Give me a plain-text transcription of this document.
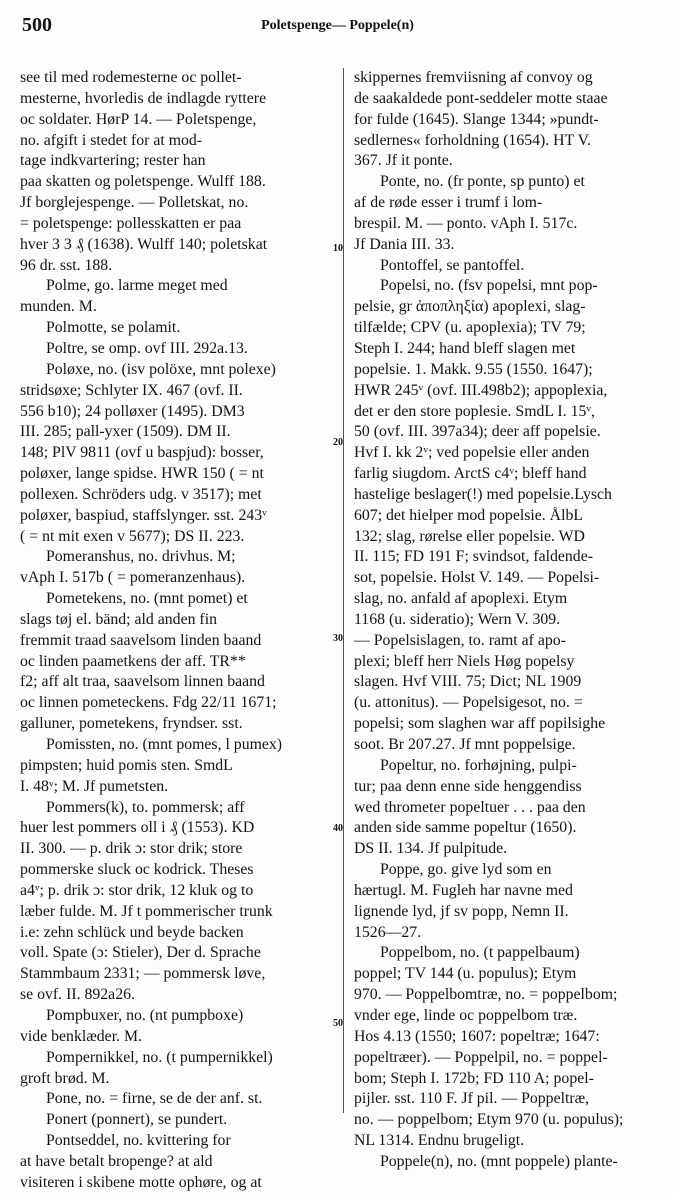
500	Poletspenge— Poppele(n)
see til med rodemesterne oc pollet-
mesterne, hvorledis de indlagde ryttere
oc soldater. HørP 14. — Poletspenge,
no. afgift i stedet for at mod-
tage indkvartering; rester han
paa skatten og poletspenge. Wulff 188.
Jf borglejespenge. — Polletskat, no.
= poletspenge: pollesskatten er paa
hver 3 3 ₰ (1638). Wulff 140; poletskat
96 dr. sst. 188.
Polme, go. larme meget med
munden. M.
Polmotte, se polamit.
Poltre, se omp. ovf III. 292a.13.
Poløxe, no. (isv polöxe, mnt polexe)
stridsøxe; Schlyter IX. 467 (ovf. II.
556 b10); 24 polløxer (1495). DM3
III. 285; pall-yxer (1509). DM II.
148; PlV 9811 (ovf u baspjud): bosser,
poløxer, lange spidse. HWR 150 ( = nt
pollexen. Schröders udg. v 3517); met
poløxer, baspiud, staffslynger. sst. 243ᵛ
( = nt mit exen v 5677); DS II. 223.
Pomeranshus, no. drivhus. M;
vAph I. 517b ( = pomeranzenhaus).
Pometekens, no. (mnt pomet) et
slags tøj el. bänd; ald anden fin
fremmit traad saavelsom linden baand
oc linden paametkens der aff. TR**
f2; aff alt traa, saavelsom linnen baand
oc linnen pometeckens. Fdg 22/11 1671;
galluner, pometekens, fryndser. sst.
Pomissten, no. (mnt pomes, l pumex)
pimpsten; huid pomis sten. SmdL
I. 48ᵛ; M. Jf pumetsten.
Pommers(k), to. pommersk; aff
huer lest pommers oll i ₰ (1553). KD
II. 300. — p. drik ɔ: stor drik; store
pommerske sluck oc kodrick. Theses
a4ᵛ; p. drik ɔ: stor drik, 12 kluk og to
læber fulde. M. Jf t pommerischer trunk
i.e: zehn schlück und beyde backen
voll. Spate (ɔ: Stieler), Der d. Sprache
Stammbaum 2331; — pommersk løve,
se ovf. II. 892a26.
Pompbuxer, no. (nt pumpboxe)
vide benklæder. M.
Pompernikkel, no. (t pumpernikkel)
groft brød. M.
Pone, no. = firne, se de der anf. st.
Ponert (ponnert), se pundert.
Pontseddel, no. kvittering for
at have betalt bropenge? at ald
visiteren i skibene motte ophøre, og at
skippernes fremviisning af convoy og
de saakaldede pont-seddeler motte staae
for fulde (1645). Slange 1344; »pundt-
sedlernes« forholdning (1654). HT V.
367. Jf it ponte.
Ponte, no. (fr ponte, sp punto) et
af de røde esser i trumf i lom-
brespil. M. — ponto. vAph I. 517c.
Jf Dania III. 33.
Pontoffel, se pantoffel.
Popelsi, no. (fsv popelsi, mnt pop-
pelsie, gr ἀποπληξία) apoplexi, slag-
tilfælde; CPV (u. apoplexia); TV 79;
Steph I. 244; hand bleff slagen met
popelsie. 1. Makk. 9.55 (1550. 1647);
HWR 245ᵛ (ovf. III.498b2); appoplexia,
det er den store poplesie. SmdL I. 15ᵛ,
50 (ovf. III. 397a34); deer aff popelsie.
Hvf I. kk 2ᵛ; ved popelsie eller anden
farlig siugdom. ArctS c4ᵛ; bleff hand
hastelige beslager(!) med popelsie.Lysch
607; det hielper mod popelsie. ÅlbL
132; slag, rørelse eller popelsie. WD
II. 115; FD 191 F; svindsot, faldende-
sot, popelsie. Holst V. 149. — Popelsi-
slag, no. anfald af apoplexi. Etym
1168 (u. sideratio); Wern V. 309.
— Popelsislagen, to. ramt af apo-
plexi; bleff herr Niels Høg popelsy
slagen. Hvf VIII. 75; Dict; NL 1909
(u. attonitus). — Popelsigesot, no. =
popelsi; som slaghen war aff popilsighe
soot. Br 207.27. Jf mnt poppelsige.
Popeltur, no. forhøjning, pulpi-
tur; paa denn enne side henggendiss
wed thrometer popeltuer . . . paa den
anden side samme popeltur (1650).
DS II. 134. Jf pulpitude.
Poppe, go. give lyd som en
hærtugl. M. Fugleh har navne med
lignende lyd, jf sv popp, Nemn II.
1526—27.
Poppelbom, no. (t pappelbaum)
poppel; TV 144 (u. populus); Etym
970. — Poppelbomtræ, no. = poppelbom;
vnder ege, linde oc poppelbom træ.
Hos 4.13 (1550; 1607: popeltræ; 1647:
popeltræer). — Poppelpil, no. = poppel-
bom; Steph I. 172b; FD 110 A; popel-
pijler. sst. 110 F. Jf pil. — Poppeltræ,
no. — poppelbom; Etym 970 (u. populus);
NL 1314. Endnu brugeligt.
Poppele(n), no. (mnt poppele) plante-
10
20
30
40
50
